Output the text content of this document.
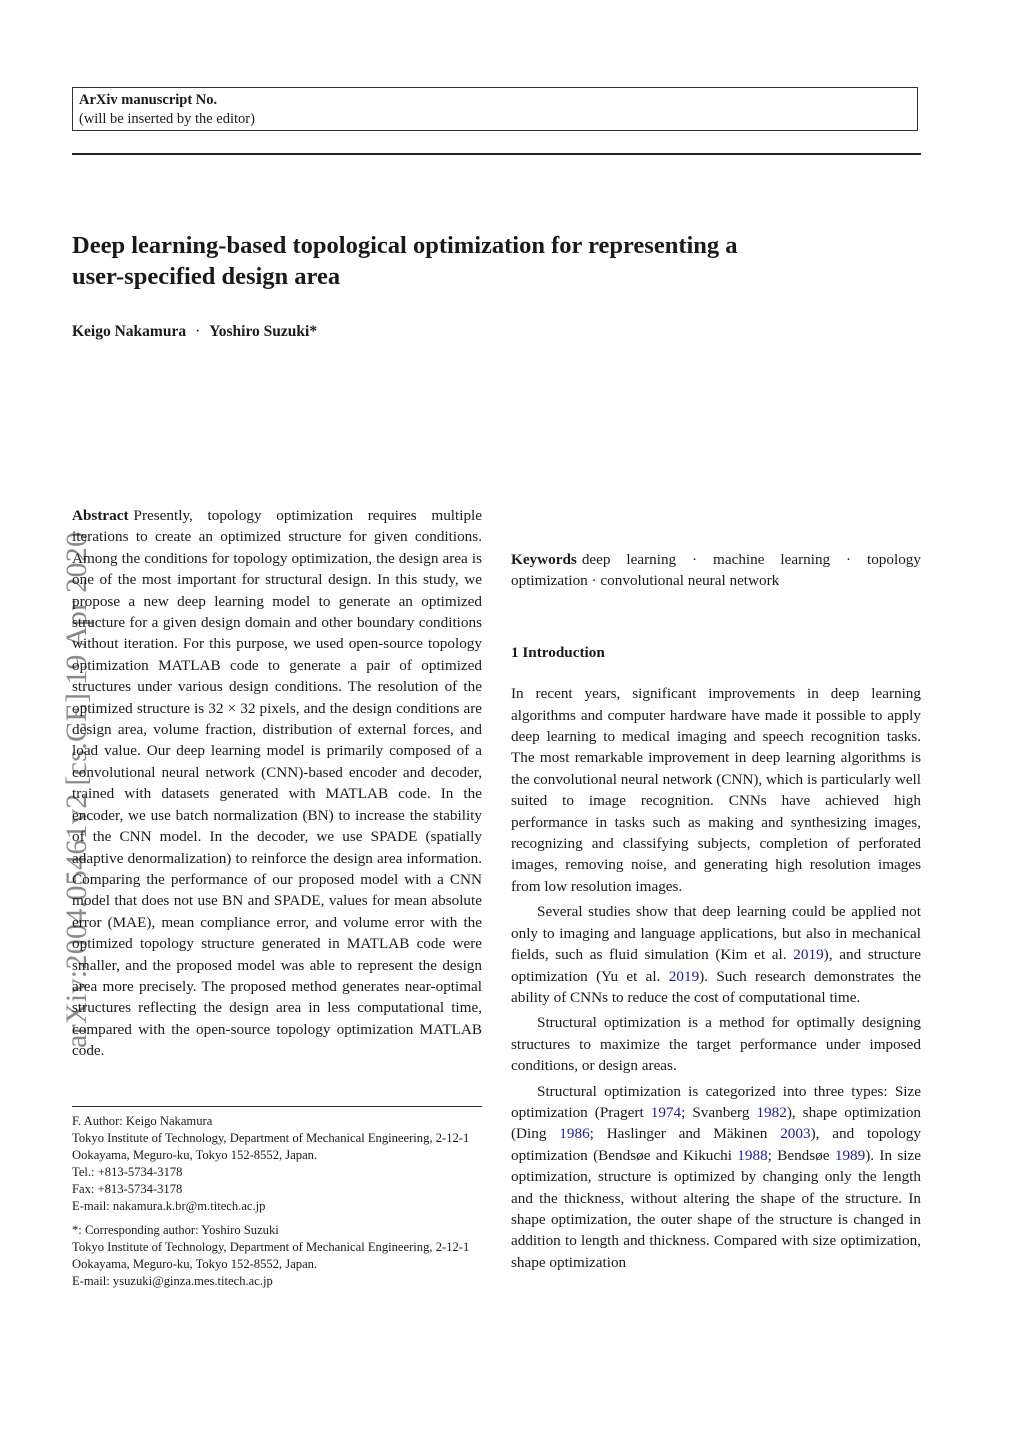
ArXiv manuscript No.
(will be inserted by the editor)
Deep learning-based topological optimization for representing a
user-specified design area
Keigo Nakamura · Yoshiro Suzuki*
arXiv:2004.05461v2 [cs.CE] 19 Apr 2020

Abstract Presently, topology optimization requires multiple iterations to create an optimized structure for given conditions. Among the conditions for topology optimization, the design area is one of the most important for structural design. In this study, we propose a new deep learning model to generate an optimized structure for a given design domain and other boundary conditions without iteration. For this purpose, we used open-source topology optimization MATLAB code to generate a pair of optimized structures under various design conditions. The resolution of the optimized structure is 32 × 32 pixels, and the design conditions are design area, volume fraction, distribution of external forces, and load value. Our deep learning model is primarily composed of a convolutional neural network (CNN)-based encoder and decoder, trained with datasets generated with MATLAB code. In the encoder, we use batch normalization (BN) to increase the stability of the CNN model. In the decoder, we use SPADE (spatially adaptive denormalization) to reinforce the design area information. Comparing the performance of our proposed model with a CNN model that does not use BN and SPADE, values for mean absolute error (MAE), mean compliance error, and volume error with the optimized topology structure generated in MATLAB code were smaller, and the proposed model was able to represent the design area more precisely. The proposed method generates near-optimal structures reflecting the design area in less computational time, compared with the open-source topology optimization MATLAB code.

F. Author: Keigo Nakamura

Tokyo Institute of Technology, Department of Mechanical Engineering, 2-12-1 Ookayama, Meguro-ku, Tokyo 152-8552, Japan.

Tel.: +813-5734-3178

Fax: +813-5734-3178

E-mail: nakamura.k.br@m.titech.ac.jp

*: Corresponding author: Yoshiro Suzuki

Tokyo Institute of Technology, Department of Mechanical Engineering, 2-12-1 Ookayama, Meguro-ku, Tokyo 152-8552, Japan.

E-mail: ysuzuki@ginza.mes.titech.ac.jp

Keywords deep learning · machine learning · topology optimization · convolutional neural network

1 Introduction

In recent years, significant improvements in deep learning algorithms and computer hardware have made it possible to apply deep learning to medical imaging and speech recognition tasks. The most remarkable improvement in deep learning algorithms is the convolutional neural network (CNN), which is particularly well suited to image recognition. CNNs have achieved high performance in tasks such as making and synthesizing images, recognizing and classifying subjects, completion of perforated images, removing noise, and generating high resolution images from low resolution images.

Several studies show that deep learning could be applied not only to imaging and language applications, but also in mechanical fields, such as fluid simulation (Kim et al. 2019), and structure optimization (Yu et al. 2019). Such research demonstrates the ability of CNNs to reduce the cost of computational time.

Structural optimization is a method for optimally designing structures to maximize the target performance under imposed conditions, or design areas.

Structural optimization is categorized into three types: Size optimization (Pragert 1974; Svanberg 1982), shape optimization (Ding 1986; Haslinger and Mäkinen 2003), and topology optimization (Bendsøe and Kikuchi 1988; Bendsøe 1989). In size optimization, structure is optimized by changing only the length and the thickness, without altering the shape of the structure. In shape optimization, the outer shape of the structure is changed in addition to length and thickness. Compared with size optimization, shape optimization
